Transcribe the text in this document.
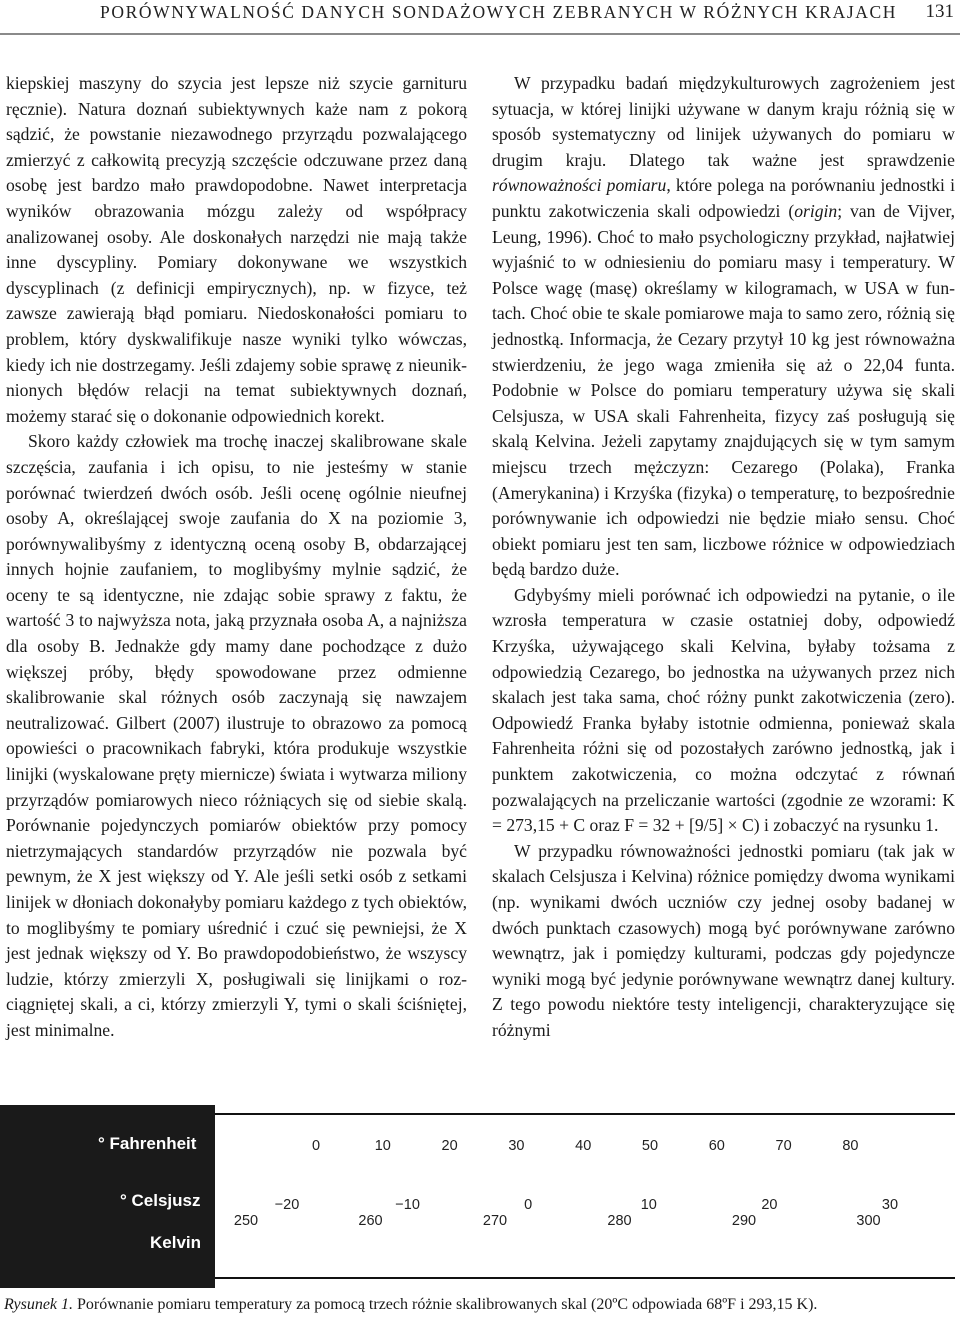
PORÓWNYWALNOŚĆ DANYCH SONDAŻOWYCH ZEBRANYCH W RÓŻNYCH KRAJACH 131

kiepskiej maszyny do szycia jest lepsze niż szycie garnituru ręcznie). Natura doznań subiektywnych każe nam z pokorą sądzić, że powstanie niezawodnego przyrządu pozwalającego zmierzyć z całkowitą precyzją szczęście odczuwane przez daną osobę jest bardzo mało prawdopodobne. Nawet interpretacja wyników obrazowania mózgu zależy od współpracy analizowanej osoby. Ale doskonałych narzędzi nie mają także inne dyscypliny. Pomiary dokonywane we wszystkich dyscyplinach (z definicji empirycznych), np. w fizyce, też zawsze zawierają błąd pomiaru. Niedoskonałości pomiaru to problem, który dyskwalifikuje nasze wyniki tylko wówczas, kiedy ich nie dostrzegamy. Jeśli zdajemy sobie sprawę z nieuniknionych błędów relacji na temat subiektywnych doznań, możemy starać się o dokonanie odpowiednich korekt.

Skoro każdy człowiek ma trochę inaczej skalibrowane skale szczęścia, zaufania i ich opisu, to nie jesteśmy w stanie porównać twierdzeń dwóch osób. Jeśli ocenę ogólnie nieufnej osoby A, określającej swoje zaufania do X na poziomie 3, porównywalibyśmy z identyczną oceną osoby B, obdarzającej innych hojnie zaufaniem, to moglibyśmy mylnie sądzić, że oceny te są identyczne, nie zdając sobie sprawy z faktu, że wartość 3 to najwyższa nota, jaką przyznała osoba A, a najniższa dla osoby B. Jednakże gdy mamy dane pochodzące z dużo większej próby, błędy spowodowane przez odmienne skalibrowanie skal różnych osób zaczynają się nawzajem neutralizować. Gilbert (2007) ilustruje to obrazowo za pomocą opowieści o pracownikach fabryki, która produkuje wszystkie linijki (wyskalowane pręty miernicze) świata i wytwarza miliony przyrządów pomiarowych nieco różniących się od siebie skalą. Porównanie pojedynczych pomiarów obiektów przy pomocy nietrzymających standardów przyrządów nie pozwala być pewnym, że X jest większy od Y. Ale jeśli setki osób z setkami linijek w dłoniach dokonałyby pomiaru każdego z tych obiektów, to moglibyśmy te pomiary uśrednić i czuć się pewniejsi, że X jest jednak większy od Y. Bo prawdopodobieństwo, że wszyscy ludzie, którzy zmierzyli X, posługiwali się linijkami o rozciągniętej skali, a ci, którzy zmierzyli Y, tymi o skali ściśniętej, jest minimalne.

W przypadku badań międzykulturowych zagrożeniem jest sytuacja, w której linijki używane w danym kraju różnią się w sposób systematyczny od linijek używanych do pomiaru w drugim kraju. Dlatego tak ważne jest sprawdzenie równoważności pomiaru, które polega na porównaniu jednostki i punktu zakotwiczenia skali odpowiedzi (origin; van de Vijver, Leung, 1996). Choć to mało psychologiczny przykład, najłatwiej wyjaśnić to w odniesieniu do pomiaru masy i temperatury. W Polsce wagę (masę) określamy w kilogramach, w USA w funtach. Choć obie te skale pomiarowe maja to samo zero, różnią się jednostką. Informacja, że Cezary przytył 10 kg jest równoważna stwierdzeniu, że jego waga zmieniła się aż o 22,04 funta. Podobnie w Polsce do pomiaru temperatury używa się skali Celsjusza, w USA skali Fahrenheita, fizycy zaś posługują się skalą Kelvina. Jeżeli zapytamy znajdujących się w tym samym miejscu trzech mężczyzn: Cezarego (Polaka), Franka (Amerykanina) i Krzyśka (fizyka) o temperaturę, to bezpośrednie porównywanie ich odpowiedzi nie będzie miało sensu. Choć obiekt pomiaru jest ten sam, liczbowe różnice w odpowiedziach będą bardzo duże.

Gdybyśmy mieli porównać ich odpowiedzi na pytanie, o ile wzrosła temperatura w czasie ostatniej doby, odpowiedź Krzyśka, używającego skali Kelvina, byłaby tożsama z odpowiedzią Cezarego, bo jednostka na używanych przez nich skalach jest taka sama, choć różny punkt zakotwiczenia (zero). Odpowiedź Franka byłaby istotnie odmienna, ponieważ skala Fahrenheita różni się od pozostałych zarówno jednostką, jak i punktem zakotwiczenia, co można odczytać z równań pozwalających na przeliczanie wartości (zgodnie ze wzorami: K = 273,15 + C oraz F = 32 + [9/5] × C) i zobaczyć na rysunku 1.

W przypadku równoważności jednostki pomiaru (tak jak w skalach Celsjusza i Kelvina) różnice pomiędzy dwoma wynikami (np. wynikami dwóch uczniów czy jednej osoby badanej w dwóch punktach czasowych) mogą być porównywane zarówno wewnątrz, jak i pomiędzy kulturami, podczas gdy pojedyncze wyniki mogą być jedynie porównywane wewnątrz danej kultury. Z tego powodu niektóre testy inteligencji, charakteryzujące się różnymi

° Fahrenheit
° Celsjusz
Kelvin
0	10	20	30	40	50	60	70	80
−20	−10	0	10	20	30
250	260	270	280	290	300
Rysunek 1. Porównanie pomiaru temperatury za pomocą trzech różnie skalibrowanych skal (20ºC odpowiada 68ºF i 293,15 K).
